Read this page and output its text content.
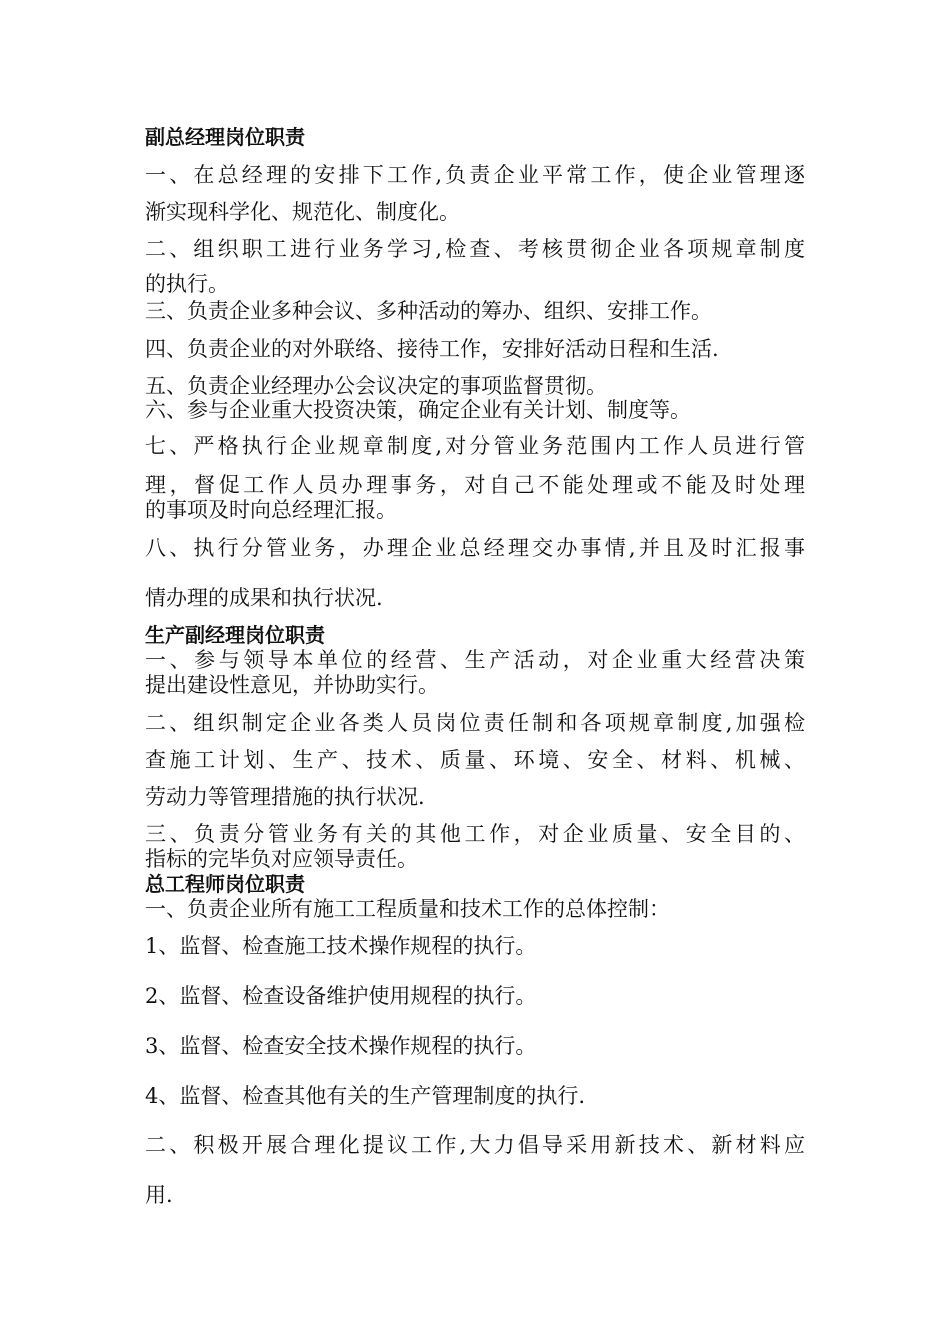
副总经理岗位职责
一、在总经理的安排下工作,负责企业平常工作，使企业管理逐
渐实现科学化、规范化、制度化。
二、组织职工进行业务学习,检查、考核贯彻企业各项规章制度
的执行。
三、负责企业多种会议、多种活动的筹办、组织、安排工作。
四、负责企业的对外联络、接待工作，安排好活动日程和生活.
五、负责企业经理办公会议决定的事项监督贯彻。
六、参与企业重大投资决策，确定企业有关计划、制度等。
七、严格执行企业规章制度,对分管业务范围内工作人员进行管
理，督促工作人员办理事务，对自己不能处理或不能及时处理
的事项及时向总经理汇报。
八、执行分管业务，办理企业总经理交办事情,并且及时汇报事
情办理的成果和执行状况.
生产副经理岗位职责
一、参与领导本单位的经营、生产活动，对企业重大经营决策
提出建设性意见，并协助实行。
二、组织制定企业各类人员岗位责任制和各项规章制度,加强检
查施工计划、生产、技术、质量、环境、安全、材料、机械、
劳动力等管理措施的执行状况.
三、负责分管业务有关的其他工作，对企业质量、安全目的、
指标的完毕负对应领导责任。
总工程师岗位职责
一、负责企业所有施工工程质量和技术工作的总体控制：
1、监督、检查施工技术操作规程的执行。
2、监督、检查设备维护使用规程的执行。
3、监督、检查安全技术操作规程的执行。
4、监督、检查其他有关的生产管理制度的执行.
二、积极开展合理化提议工作,大力倡导采用新技术、新材料应
用.
